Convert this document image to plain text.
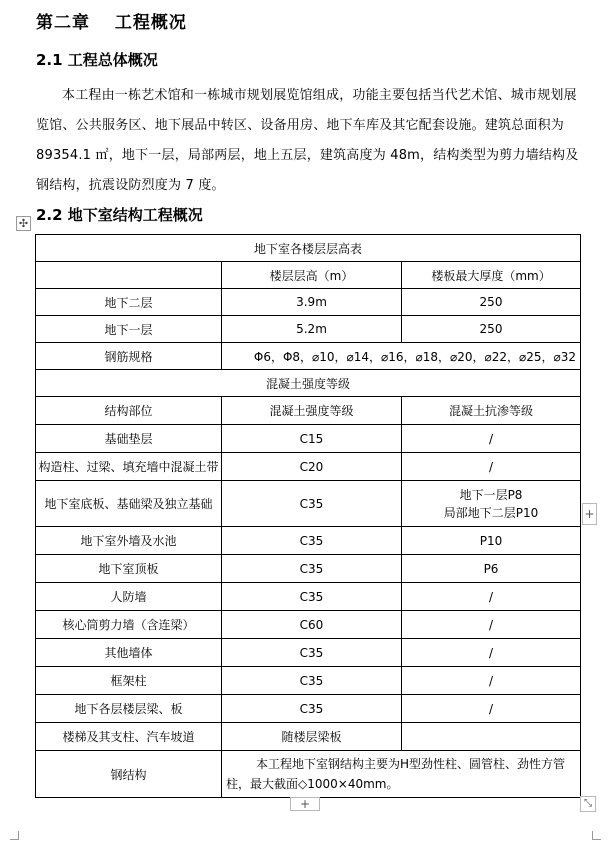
第二章　 工程概况
2.1 工程总体概况
本工程由一栋艺术馆和一栋城市规划展览馆组成，功能主要包括当代艺术馆、城市规划展览馆、公共服务区、地下展品中转区、设备用房、地下车库及其它配套设施。建筑总面积为 89354.1 ㎡，地下一层，局部两层，地上五层，建筑高度为 48m，结构类型为剪力墙结构及钢结构，抗震设防烈度为 7 度。
2.2 地下室结构工程概况
✣
地下室各楼层层高表		
	楼层层高（m）	楼板最大厚度（mm）
地下二层	3.9m	250
地下一层	5.2m	250
钢筋规格	Φ6，Φ8，⌀10，⌀14，⌀16，⌀18，⌀20，⌀22，⌀25，⌀32	
混凝土强度等级		
结构部位	混凝土强度等级	混凝土抗渗等级
基础垫层	C15	/
构造柱、过梁、填充墙中混凝土带	C20	/
地下室底板、基础梁及独立基础	C35	地下一层P8
局部地下二层P10

地下室外墙及水池	C35	P10
地下室顶板	C35	P6
人防墙	C35	/
核心筒剪力墙（含连梁）	C60	/
其他墙体	C35	/
框架柱	C35	/
地下各层楼层梁、板	C35	/
楼梯及其支柱、汽车坡道	随楼层梁板	
钢结构	本工程地下室钢结构主要为H型劲性柱、圆管柱、劲性方管柱，最大截面◇1000×40mm。	
+
+	⤡
